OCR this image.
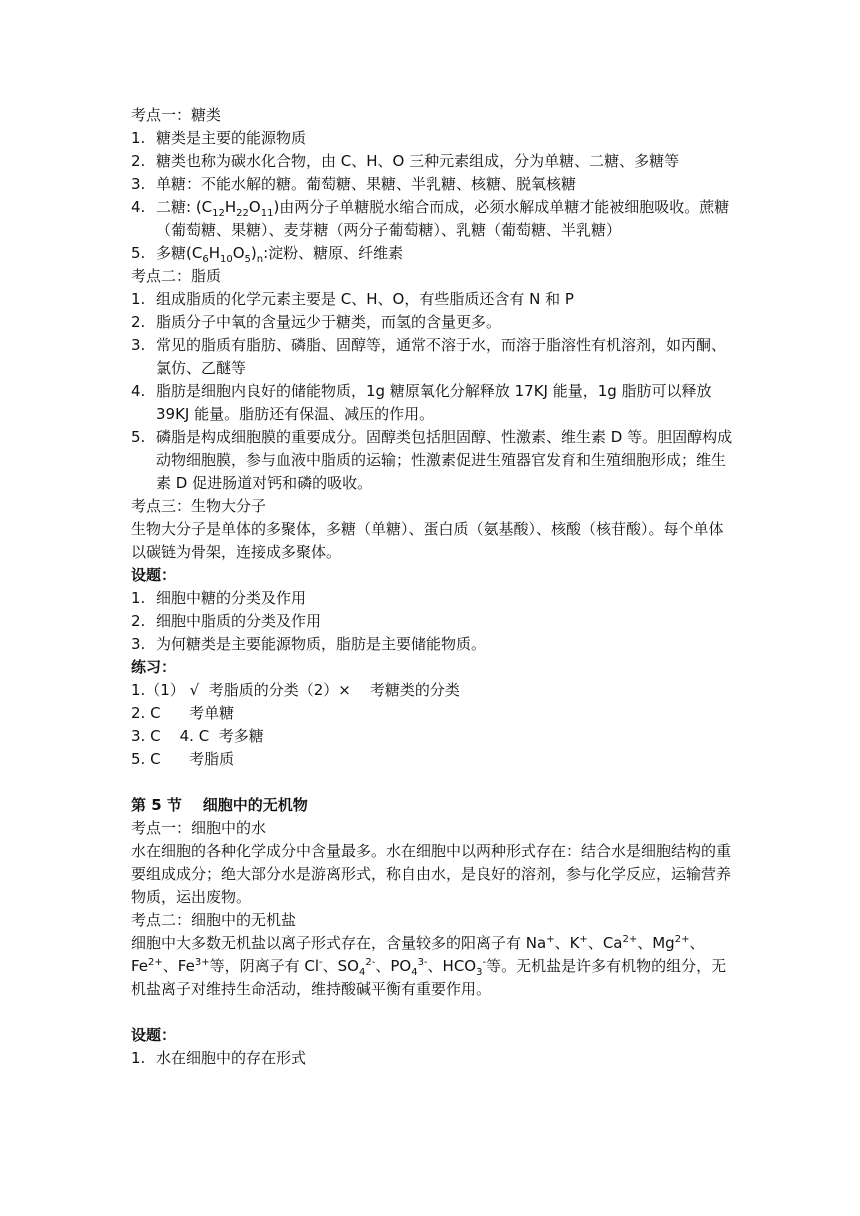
考点一：糖类
1. 糖类是主要的能源物质
2. 糖类也称为碳水化合物，由 C、H、O 三种元素组成，分为单糖、二糖、多糖等
3. 单糖：不能水解的糖。葡萄糖、果糖、半乳糖、核糖、脱氧核糖
4. 二糖: $(C_{12}H_{22}O_{11})$由两分子单糖脱水缩合而成，必须水解成单糖才能被细胞吸收。蔗糖（葡萄糖、果糖）、麦芽糖（两分子葡萄糖）、乳糖（葡萄糖、半乳糖）
5. 多糖$(C_6H_{10}O_5)_n$:淀粉、糖原、纤维素
考点二：脂质
1. 组成脂质的化学元素主要是 C、H、O，有些脂质还含有 N 和 P
2. 脂质分子中氧的含量远少于糖类，而氢的含量更多。
3. 常见的脂质有脂肪、磷脂、固醇等，通常不溶于水，而溶于脂溶性有机溶剂，如丙酮、氯仿、乙醚等
4. 脂肪是细胞内良好的储能物质，1g 糖原氧化分解释放 17KJ 能量，1g 脂肪可以释放 39KJ 能量。脂肪还有保温、减压的作用。
5. 磷脂是构成细胞膜的重要成分。固醇类包括胆固醇、性激素、维生素 D 等。胆固醇构成动物细胞膜，参与血液中脂质的运输；性激素促进生殖器官发育和生殖细胞形成；维生素 D 促进肠道对钙和磷的吸收。
考点三：生物大分子
生物大分子是单体的多聚体，多糖（单糖）、蛋白质（氨基酸）、核酸（核苷酸）。每个单体以碳链为骨架，连接成多聚体。
设题：
1. 细胞中糖的分类及作用
2. 细胞中脂质的分类及作用
3. 为何糖类是主要能源物质，脂肪是主要储能物质。
练习：
1.（1） √  考脂质的分类（2）×    考糖类的分类
2. C      考单糖
3. C    4. C  考多糖
5. C      考脂质
第 5 节    细胞中的无机物
考点一：细胞中的水
水在细胞的各种化学成分中含量最多。水在细胞中以两种形式存在：结合水是细胞结构的重要组成成分；绝大部分水是游离形式，称自由水，是良好的溶剂，参与化学反应，运输营养物质，运出废物。
考点二：细胞中的无机盐
细胞中大多数无机盐以离子形式存在，含量较多的阳离子有 Na+、K+、$Ca^{2+}$、$Mg^{2+}$、$Fe^{2+}$、$Fe^{3+}$等，阴离子有 Cl-、$SO_4^{2-}$、$PO_4^{3-}$、$HCO_3^-$等。无机盐是许多有机物的组分，无机盐离子对维持生命活动，维持酸碱平衡有重要作用。
设题：
1. 水在细胞中的存在形式
